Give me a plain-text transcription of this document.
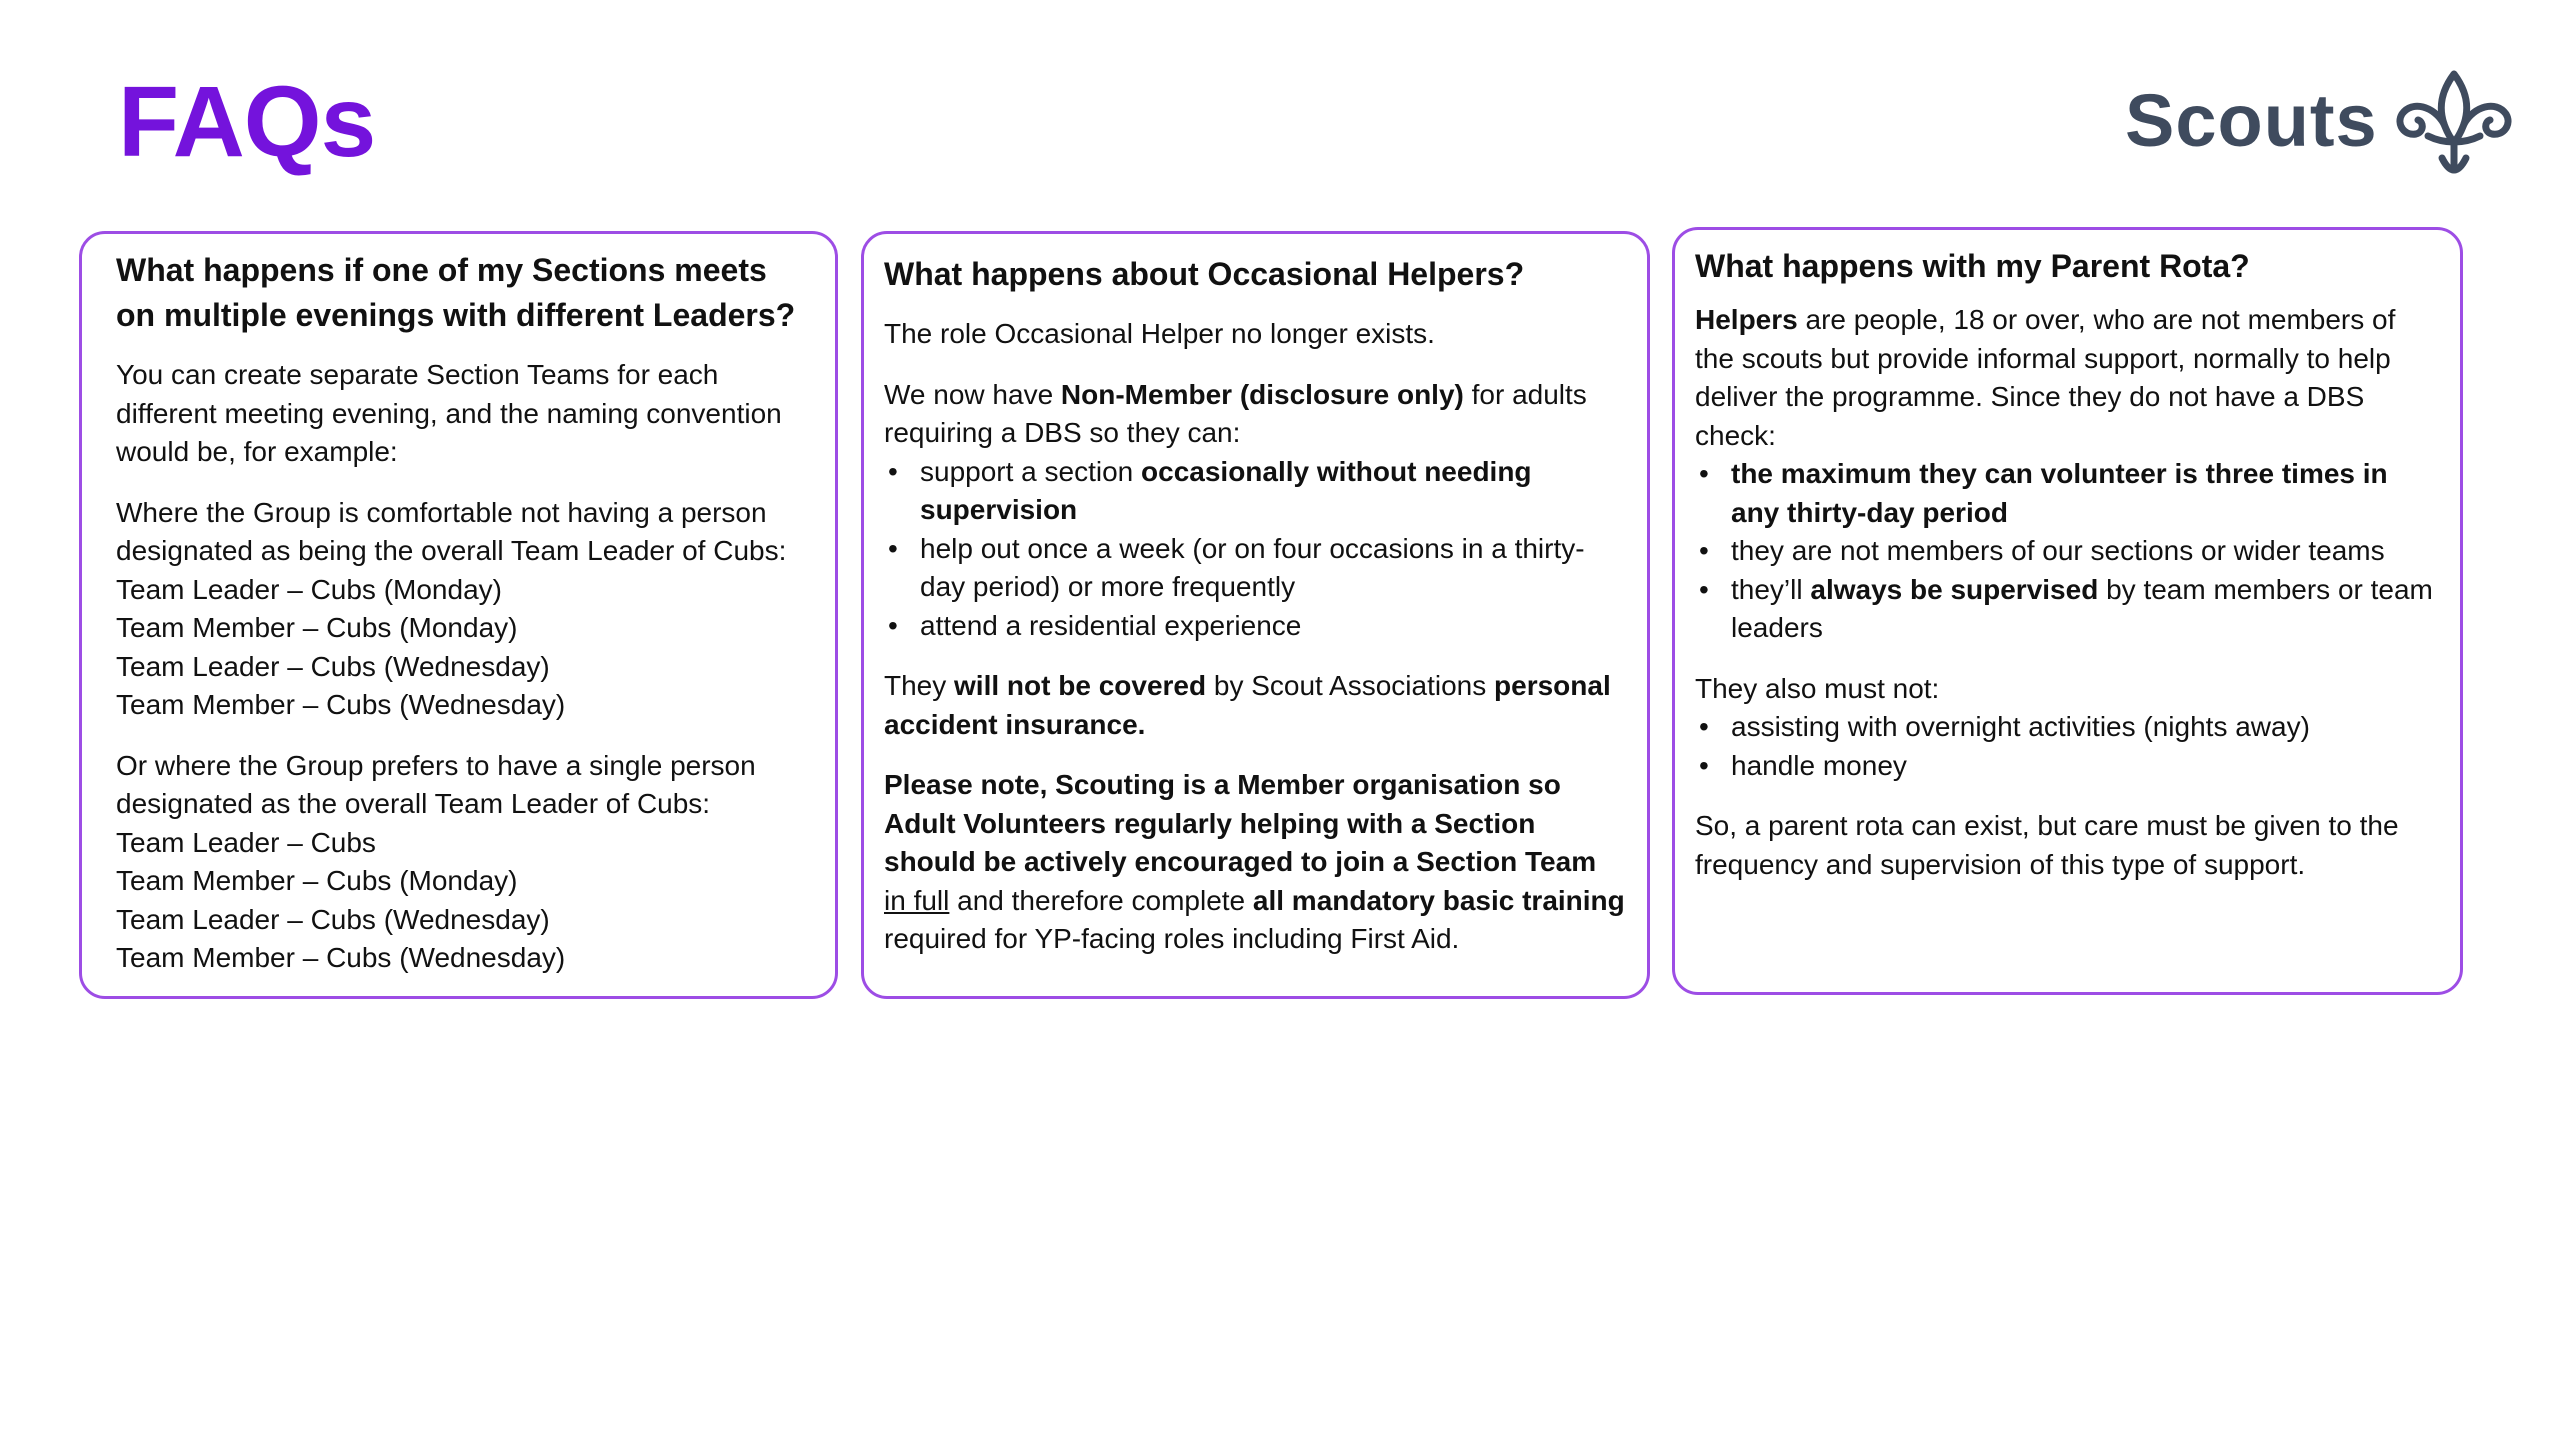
FAQs	Scouts
What happens if one of my Sections meets on multiple evenings with different Leaders?

You can create separate Section Teams for each different meeting evening, and the naming convention would be, for example:

Where the Group is comfortable not having a person designated as being the overall Team Leader of Cubs:
Team Leader – Cubs (Monday)
Team Member – Cubs (Monday)
Team Leader – Cubs (Wednesday)
Team Member – Cubs (Wednesday)

Or where the Group prefers to have a single person designated as the overall Team Leader of Cubs:
Team Leader – Cubs
Team Member – Cubs (Monday)
Team Leader – Cubs (Wednesday)
Team Member – Cubs (Wednesday)

What happens about Occasional Helpers?

The role Occasional Helper no longer exists.

We now have Non-Member (disclosure only) for adults requiring a DBS so they can:

• support a section occasionally without needing supervision
• help out once a week (or on four occasions in a thirty-day period) or more frequently
• attend a residential experience

They will not be covered by Scout Associations personal accident insurance.

Please note, Scouting is a Member organisation so Adult Volunteers regularly helping with a Section should be actively encouraged to join a Section Team in full and therefore complete all mandatory basic training required for YP-facing roles including First Aid.

What happens with my Parent Rota?

Helpers are people, 18 or over, who are not members of the scouts but provide informal support, normally to help deliver the programme. Since they do not have a DBS check:

• the maximum they can volunteer is three times in any thirty-day period
• they are not members of our sections or wider teams
• they’ll always be supervised by team members or team leaders

They also must not:

• assisting with overnight activities (nights away)
• handle money

So, a parent rota can exist, but care must be given to the frequency and supervision of this type of support.
